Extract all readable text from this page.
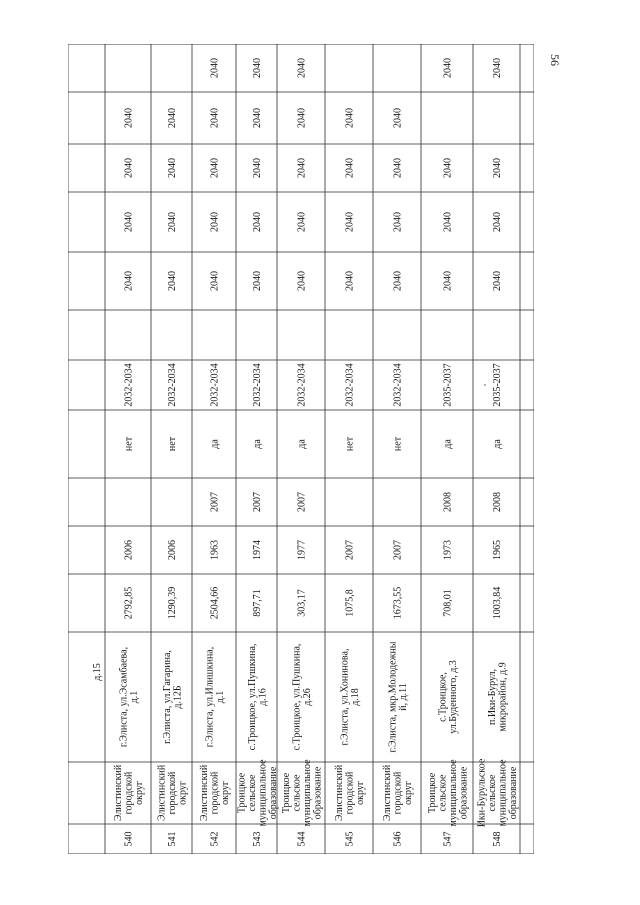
д.15
2040
2040
2040
2040
2032-2034
нет
2006
2792,85
г.Элиста, ул.Эсамбаева, д.1
Элистинский городской округ
540
2040
2040
2040
2040
2032-2034
нет
2006
1290,39
г.Элиста, ул.Гагарина, д.12Б
Элистинский городской округ
541
2040
2040
2040
2040
2040
2032-2034
да
2007
1963
2504,66
г.Элиста, ул.Илишкина, д.1
Элистинский городской округ
542
2040
2040
2040
2040
2040
2032-2034
да
2007
1974
897,71
с.Троицкое, ул.Пушкина, д.16
Троицкое сельское муниципальное образование
543
2040
2040
2040
2040
2040
2032-2034
да
2007
1977
303,17
с.Троицкое, ул.Пушкина, д.26
Троицкое сельское муниципальное образование
544
2040
2040
2040
2040
2032-2034
нет
2007
1075,8
г.Элиста, ул.Хонинова, д.18
Элистинский городской округ
545
2040
2040
2040
2040
2032-2034
нет
2007
1673,55
г.Элиста, мкр.Молодежны й, д.11
Элистинский городской округ
546
2040
2040
2040
2040
2035-2037
да
2008
1973
708,01
с.Троицкое, ул.Буденного, д.3
Троицкое сельское муниципальное образование
547
2040
2040
2040
2040
2035-2037
да
2008
1965
1003,84
п.Ики-Бурул, микрорайон, д.9
Ики-Бурульское сельское муниципальное образование
548
56
